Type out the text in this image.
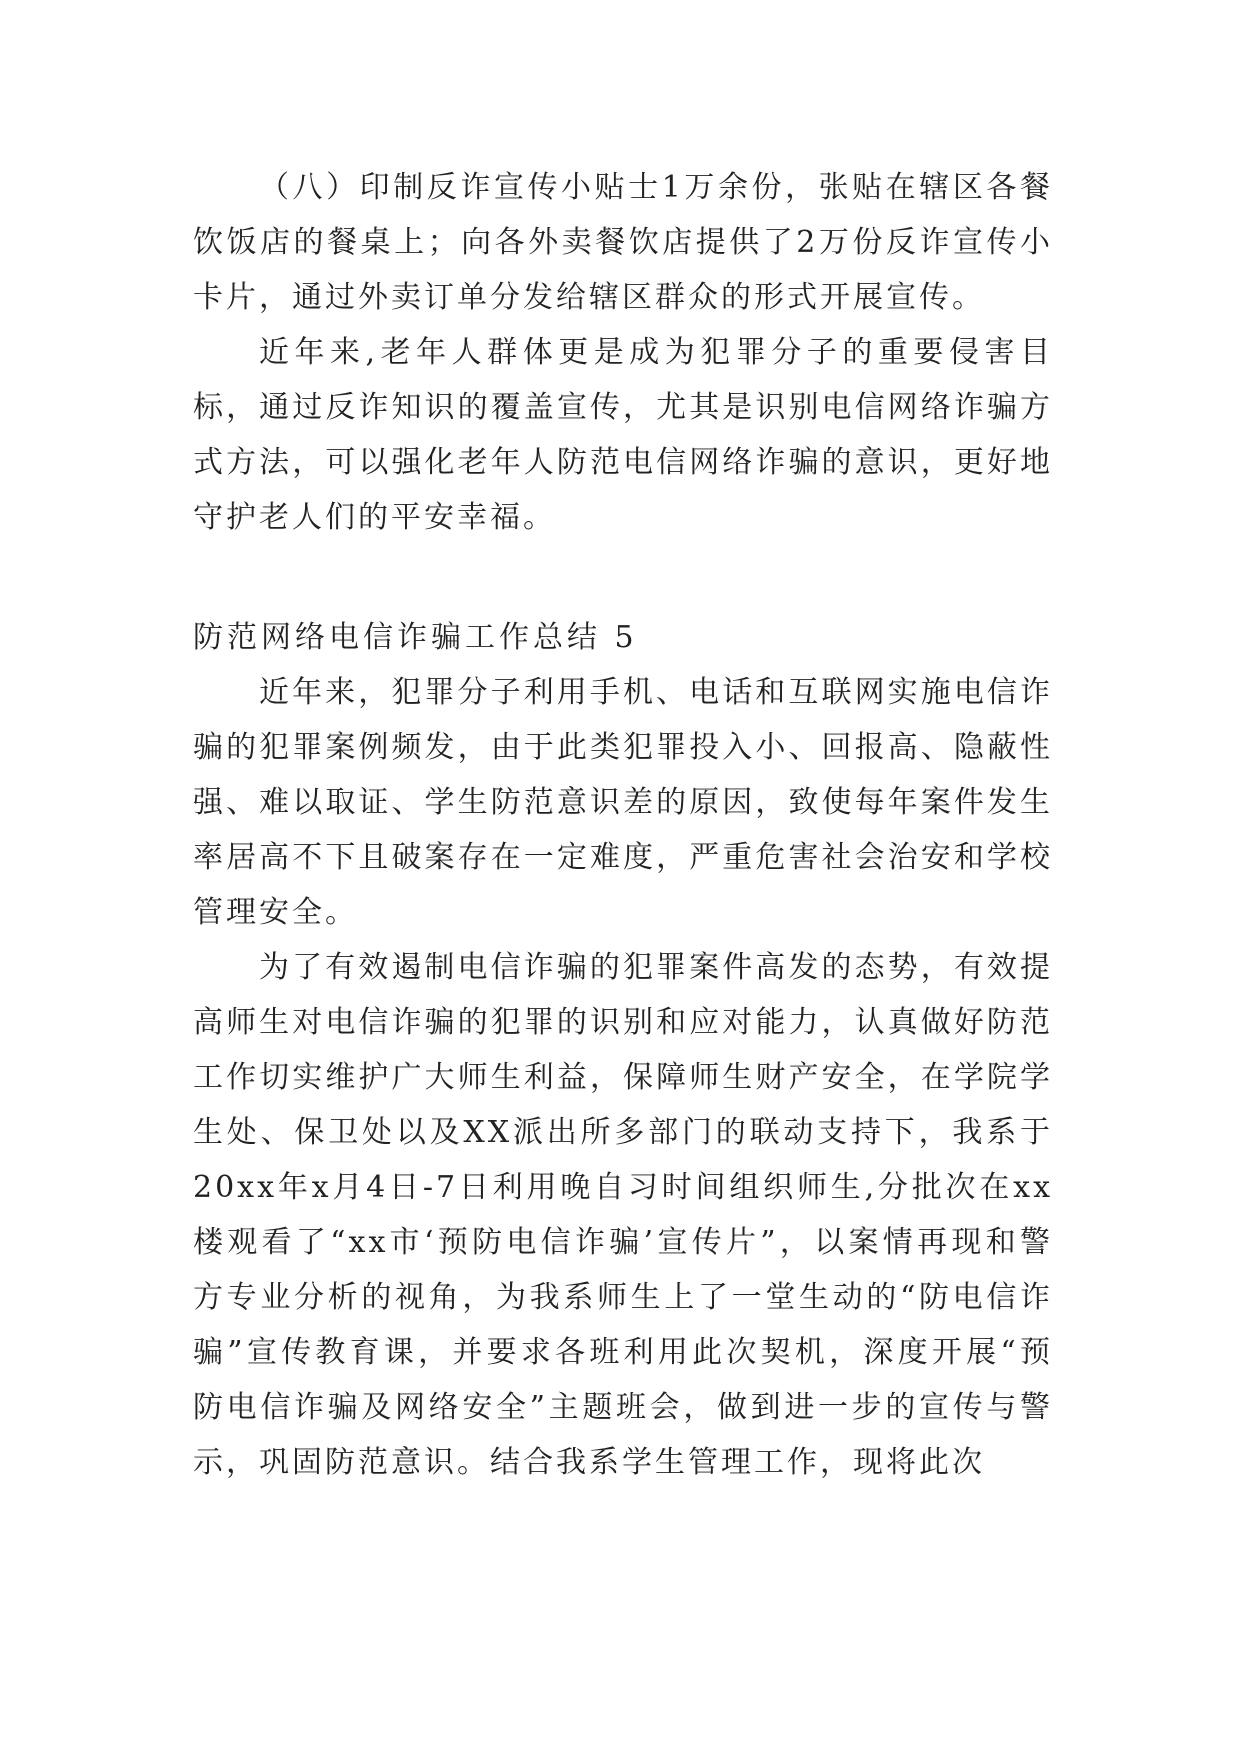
（八）印制反诈宣传小贴士1万余份，张贴在辖区各餐饮饭店的餐桌上；向各外卖餐饮店提供了2万份反诈宣传小卡片，通过外卖订单分发给辖区群众的形式开展宣传。

近年来,老年人群体更是成为犯罪分子的重要侵害目标，通过反诈知识的覆盖宣传，尤其是识别电信网络诈骗方式方法，可以强化老年人防范电信网络诈骗的意识，更好地守护老人们的平安幸福。

防范网络电信诈骗工作总结 5

近年来，犯罪分子利用手机、电话和互联网实施电信诈骗的犯罪案例频发，由于此类犯罪投入小、回报高、隐蔽性强、难以取证、学生防范意识差的原因，致使每年案件发生率居高不下且破案存在一定难度，严重危害社会治安和学校管理安全。

为了有效遏制电信诈骗的犯罪案件高发的态势，有效提高师生对电信诈骗的犯罪的识别和应对能力，认真做好防范工作切实维护广大师生利益，保障师生财产安全，在学院学生处、保卫处以及XX派出所多部门的联动支持下，我系于20xx年x月4日-7日利用晚自习时间组织师生,分批次在xx楼观看了“xx市‘预防电信诈骗’宣传片”，以案情再现和警方专业分析的视角，为我系师生上了一堂生动的“防电信诈骗”宣传教育课，并要求各班利用此次契机，深度开展“预防电信诈骗及网络安全”主题班会，做到进一步的宣传与警示，巩固防范意识。结合我系学生管理工作，现将此次
